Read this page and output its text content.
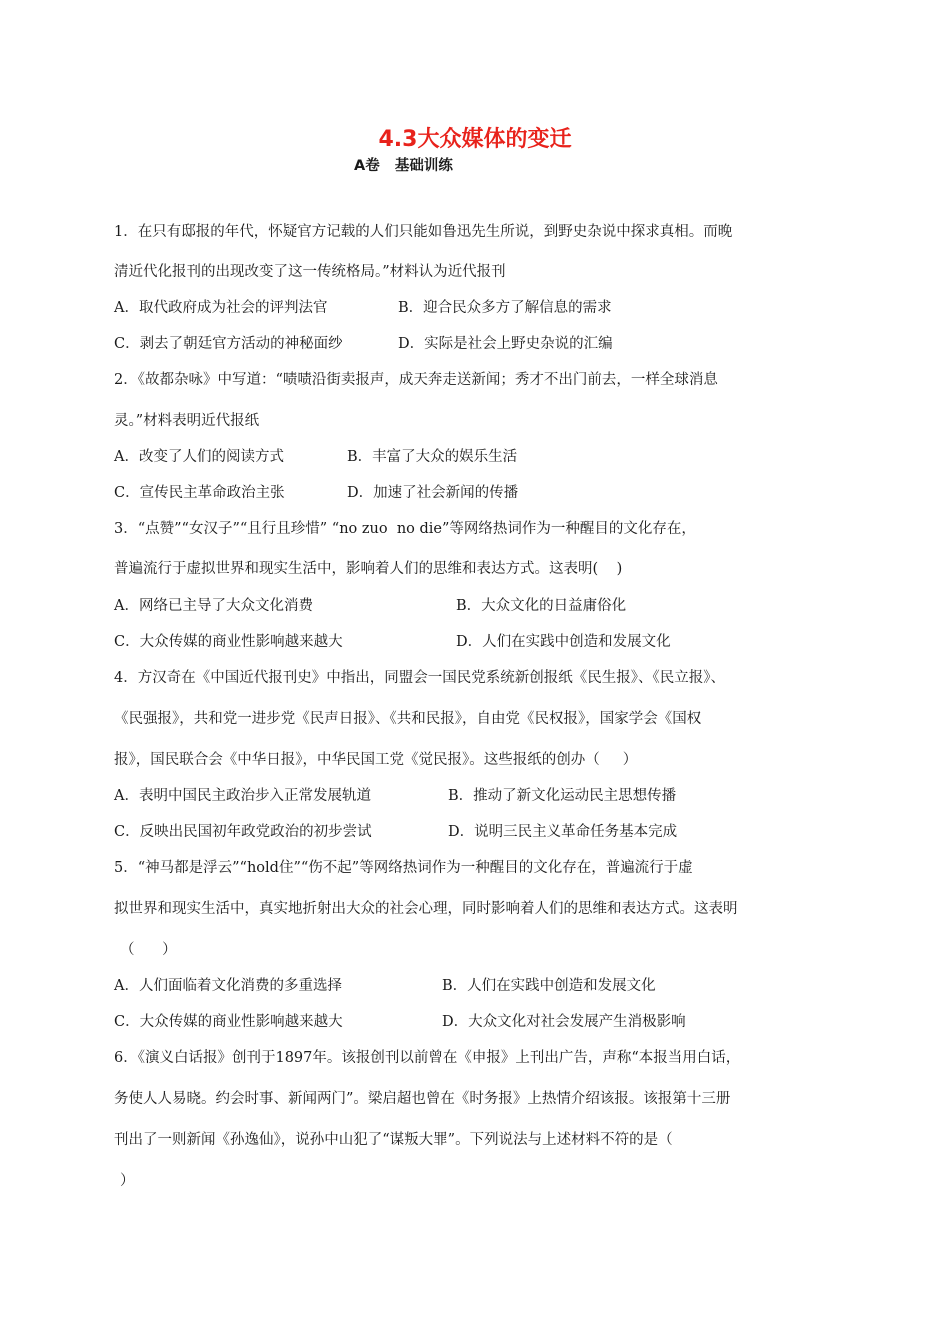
4.3大众媒体的变迁
A卷   基础训练
1．在只有邸报的年代，怀疑官方记载的人们只能如鲁迅先生所说，到野史杂说中探求真相。而晚
清近代化报刊的出现改变了这一传统格局。”材料认为近代报刊
A．取代政府成为社会的评判法官	B．迎合民众多方了解信息的需求
C．剥去了朝廷官方活动的神秘面纱	D．实际是社会上野史杂说的汇编
2．《故都杂咏》中写道：“啧啧沿街卖报声，成天奔走送新闻；秀才不出门前去，一样全球消息
灵。”材料表明近代报纸
A．改变了人们的阅读方式	B．丰富了大众的娱乐生活
C．宣传民主革命政治主张	D．加速了社会新闻的传播
3．“点赞”“女汉子”“且行且珍惜” “no zuo  no die”等网络热词作为一种醒目的文化存在，
普遍流行于虚拟世界和现实生活中，影响着人们的思维和表达方式。这表明(    )
A．网络已主导了大众文化消费	B．大众文化的日益庸俗化
C．大众传媒的商业性影响越来越大	D．人们在实践中创造和发展文化
4．方汉奇在《中国近代报刊史》中指出，同盟会一国民党系统新创报纸《民生报》、《民立报》、
《民强报》，共和党一进步党《民声日报》、《共和民报》，自由党《民权报》，国家学会《国权
报》，国民联合会《中华日报》，中华民国工党《觉民报》。这些报纸的创办（     ）
A．表明中国民主政治步入正常发展轨道	B．推动了新文化运动民主思想传播
C．反映出民国初年政党政治的初步尝试	D．说明三民主义革命任务基本完成
5．“神马都是浮云”“hold住”“伤不起”等网络热词作为一种醒目的文化存在，普遍流行于虚
拟世界和现实生活中，真实地折射出大众的社会心理，同时影响着人们的思维和表达方式。这表明
（      ）
A．人们面临着文化消费的多重选择	B．人们在实践中创造和发展文化
C．大众传媒的商业性影响越来越大	D．大众文化对社会发展产生消极影响
6．《演义白话报》创刊于1897年。该报创刊以前曾在《申报》上刊出广告，声称“本报当用白话，
务使人人易晓。约会时事、新闻两门”。梁启超也曾在《时务报》上热情介绍该报。该报第十三册
刊出了一则新闻《孙逸仙》，说孙中山犯了“谋叛大罪”。下列说法与上述材料不符的是（
）
